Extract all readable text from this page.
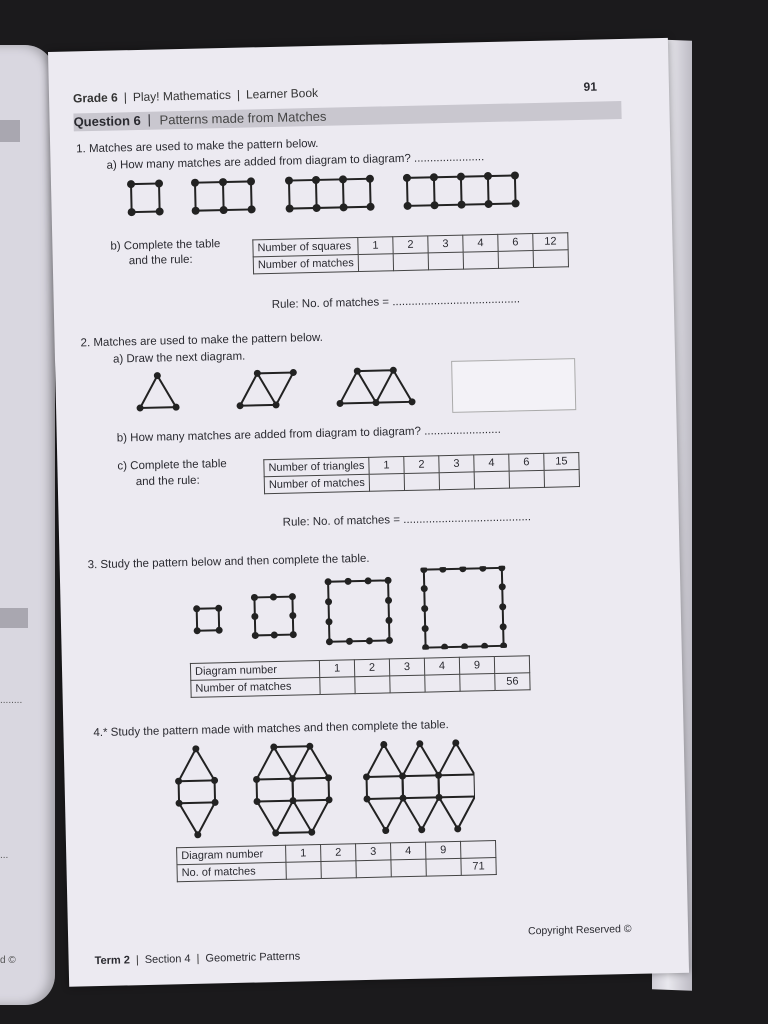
........
...
d ©
Grade 6 | Play! Mathematics | Learner Book	91
Question 6 | Patterns made from Matches
1. Matches are used to make the pattern below.
a) How many matches are added from diagram to diagram? ......................
b) Complete the table
and the rule:
Number of squares	1	2	3	4	6	12
Number of matches						
Rule: No. of matches = ........................................
2. Matches are used to make the pattern below.
a) Draw the next diagram.
b) How many matches are added from diagram to diagram? ........................
c) Complete the table
and the rule:
Number of triangles	1	2	3	4	6	15
Number of matches						
Rule: No. of matches = ........................................
3. Study the pattern below and then complete the table.
Diagram number	1	2	3	4	9	
Number of matches						56
4.* Study the pattern made with matches and then complete the table.
Diagram number	1	2	3	4	9	
No. of matches						71
Copyright Reserved ©
Term 2 | Section 4 | Geometric Patterns
